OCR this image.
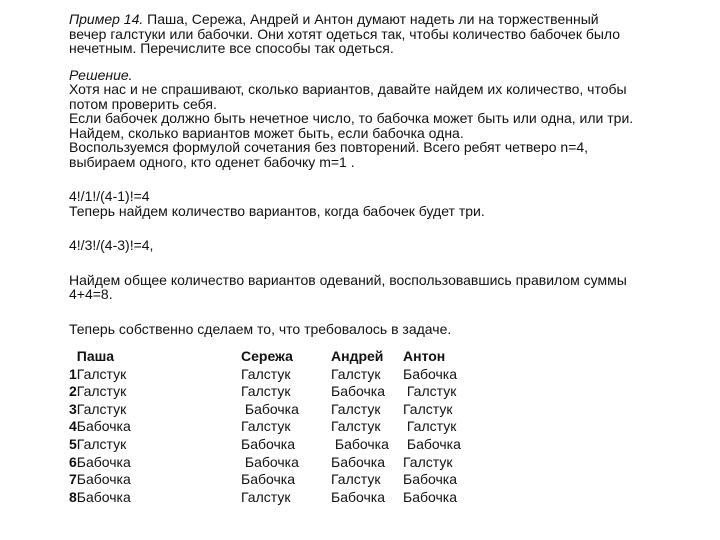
Пример 14. Паша, Сережа, Андрей и Антон думают надеть ли на торжественный
вечер галстуки или бабочки. Они хотят одеться так, чтобы количество бабочек было
нечетным. Перечислите все способы так одеться.

Решение.
Хотя нас и не спрашивают, сколько вариантов, давайте найдем их количество, чтобы
потом проверить себя.
Если бабочек должно быть нечетное число, то бабочка может быть или одна, или три.
Найдем, сколько вариантов может быть, если бабочка одна.
Воспользуемся формулой сочетания без повторений. Всего ребят четверо n=4,
выбираем одного, кто оденет бабочку m=1 .

4!/1!/(4-1)!=4
Теперь найдем количество вариантов, когда бабочек будет три.

4!/3!/(4-3)!=4,

Найдем общее количество вариантов одеваний, воспользовавшись правилом суммы
4+4=8.

Теперь собственно сделаем то, что требовалось в задаче.

Паша	Сережа	Андрей Антон
1Галстук	Галстук	Галстук Бабочка
2Галстук	Галстук	Бабочка Галстук
3Галстук	Бабочка Галстук Галстук
4Бабочка	Галстук	Галстук Галстук
5Галстук	Бабочка	Бабочка Бабочка
6Бабочка	Бабочка Бабочка Галстук
7Бабочка	Бабочка	Галстук Бабочка
8Бабочка	Галстук	Бабочка Бабочка
